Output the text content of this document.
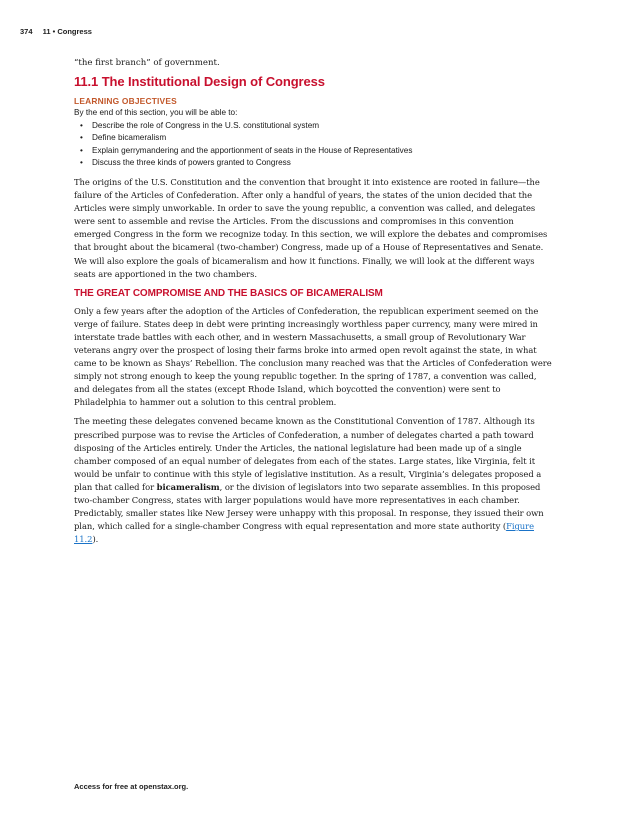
374 11 • Congress

“the first branch” of government.

11.1 The Institutional Design of Congress
LEARNING OBJECTIVES
By the end of this section, you will be able to:
• Describe the role of Congress in the U.S. constitutional system
• Define bicameralism
• Explain gerrymandering and the apportionment of seats in the House of Representatives
• Discuss the three kinds of powers granted to Congress

The origins of the U.S. Constitution and the convention that brought it into existence are rooted in failure—the failure of the Articles of Confederation. After only a handful of years, the states of the union decided that the Articles were simply unworkable. In order to save the young republic, a convention was called, and delegates were sent to assemble and revise the Articles. From the discussions and compromises in this convention emerged Congress in the form we recognize today. In this section, we will explore the debates and compromises that brought about the bicameral (two-chamber) Congress, made up of a House of Representatives and Senate. We will also explore the goals of bicameralism and how it functions. Finally, we will look at the different ways seats are apportioned in the two chambers.

THE GREAT COMPROMISE AND THE BASICS OF BICAMERALISM

Only a few years after the adoption of the Articles of Confederation, the republican experiment seemed on the verge of failure. States deep in debt were printing increasingly worthless paper currency, many were mired in interstate trade battles with each other, and in western Massachusetts, a small group of Revolutionary War veterans angry over the prospect of losing their farms broke into armed open revolt against the state, in what came to be known as Shays’ Rebellion. The conclusion many reached was that the Articles of Confederation were simply not strong enough to keep the young republic together. In the spring of 1787, a convention was called, and delegates from all the states (except Rhode Island, which boycotted the convention) were sent to Philadelphia to hammer out a solution to this central problem.

The meeting these delegates convened became known as the Constitutional Convention of 1787. Although its prescribed purpose was to revise the Articles of Confederation, a number of delegates charted a path toward disposing of the Articles entirely. Under the Articles, the national legislature had been made up of a single chamber composed of an equal number of delegates from each of the states. Large states, like Virginia, felt it would be unfair to continue with this style of legislative institution. As a result, Virginia’s delegates proposed a plan that called for bicameralism, or the division of legislators into two separate assemblies. In this proposed two-chamber Congress, states with larger populations would have more representatives in each chamber. Predictably, smaller states like New Jersey were unhappy with this proposal. In response, they issued their own plan, which called for a single-chamber Congress with equal representation and more state authority (Figure 11.2).

Access for free at openstax.org.
